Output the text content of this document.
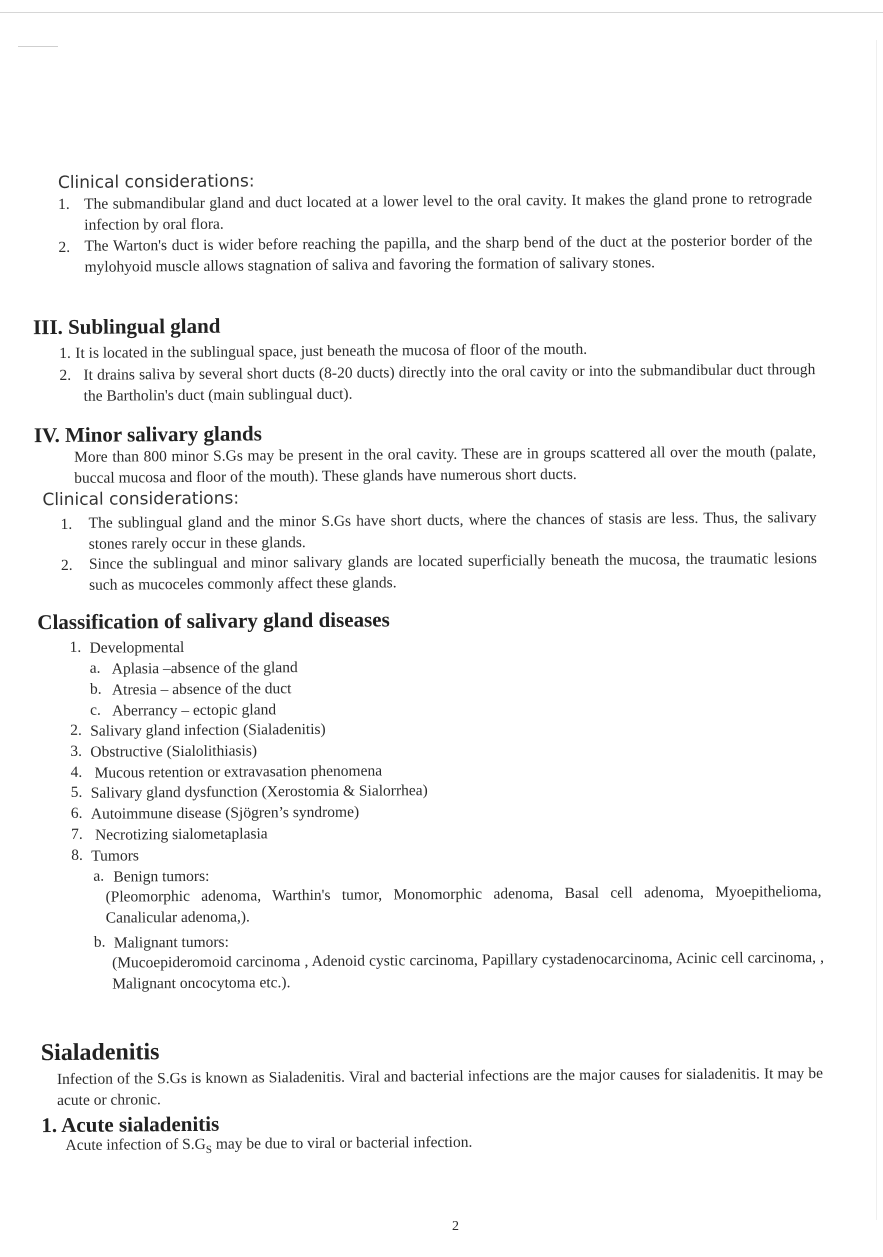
Clinical considerations:
1. The submandibular gland and duct located at a lower level to the oral cavity. It makes the gland prone to retrograde infection by oral flora.
2. The Warton's duct is wider before reaching the papilla, and the sharp bend of the duct at the posterior border of the mylohyoid muscle allows stagnation of saliva and favoring the formation of salivary stones.
III. Sublingual gland
1. It is located in the sublingual space, just beneath the mucosa of floor of the mouth.
2. It drains saliva by several short ducts (8-20 ducts) directly into the oral cavity or into the submandibular duct through the Bartholin's duct (main sublingual duct).
IV. Minor salivary glands
More than 800 minor S.Gs may be present in the oral cavity. These are in groups scattered all over the mouth (palate, buccal mucosa and floor of the mouth). These glands have numerous short ducts.
Clinical considerations:
1. The sublingual gland and the minor S.Gs have short ducts, where the chances of stasis are less. Thus, the salivary stones rarely occur in these glands.
2. Since the sublingual and minor salivary glands are located superficially beneath the mucosa, the traumatic lesions such as mucoceles commonly affect these glands.
Classification of salivary gland diseases
1. Developmental
a. Aplasia –absence of the gland
b. Atresia – absence of the duct
c. Aberrancy – ectopic gland
2. Salivary gland infection (Sialadenitis)
3. Obstructive (Sialolithiasis)
4. Mucous retention or extravasation phenomena
5. Salivary gland dysfunction (Xerostomia & Sialorrhea)
6. Autoimmune disease (Sjögren’s syndrome)
7. Necrotizing sialometaplasia
8. Tumors
a. Benign tumors:
(Pleomorphic adenoma, Warthin's tumor, Monomorphic adenoma, Basal cell adenoma, Myoepithelioma, Canalicular adenoma,).
b. Malignant tumors:
(Mucoepideromoid carcinoma , Adenoid cystic carcinoma, Papillary cystadenocarcinoma, Acinic cell carcinoma, , Malignant oncocytoma etc.).
Sialadenitis
Infection of the S.Gs is known as Sialadenitis. Viral and bacterial infections are the major causes for sialadenitis. It may be acute or chronic.
1. Acute sialadenitis
Acute infection of $S.G_S$ may be due to viral or bacterial infection.
2
